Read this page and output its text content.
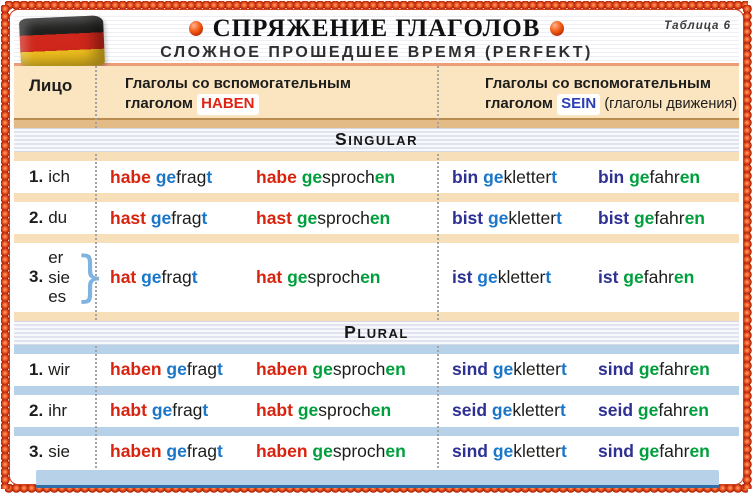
Таблица 6
СПРЯЖЕНИЕ ГЛАГОЛОВ
СЛОЖНОЕ ПРОШЕДШЕЕ ВРЕМЯ (PERFEKT)
Лицо	Глаголы со вспомогательным
глаголом HABEN
Глаголы со вспомогательным
глаголом SEIN (глаголы движения)
SINGULAR
1. ich	habe gefragt	habe gesprochen	bin geklettert	bin gefahren
2. du	hast gefragt	hast gesprochen	bist geklettert	bist gefahren
3.
er
sie
es } hat gefragt	hat gesprochen	ist geklettert	ist gefahren
PLURAL
1. wir	haben gefragt	haben gesprochen	sind geklettert	sind gefahren
2. ihr	habt gefragt	habt gesprochen	seid geklettert	seid gefahren
3. sie	haben gefragt	haben gesprochen	sind geklettert	sind gefahren
